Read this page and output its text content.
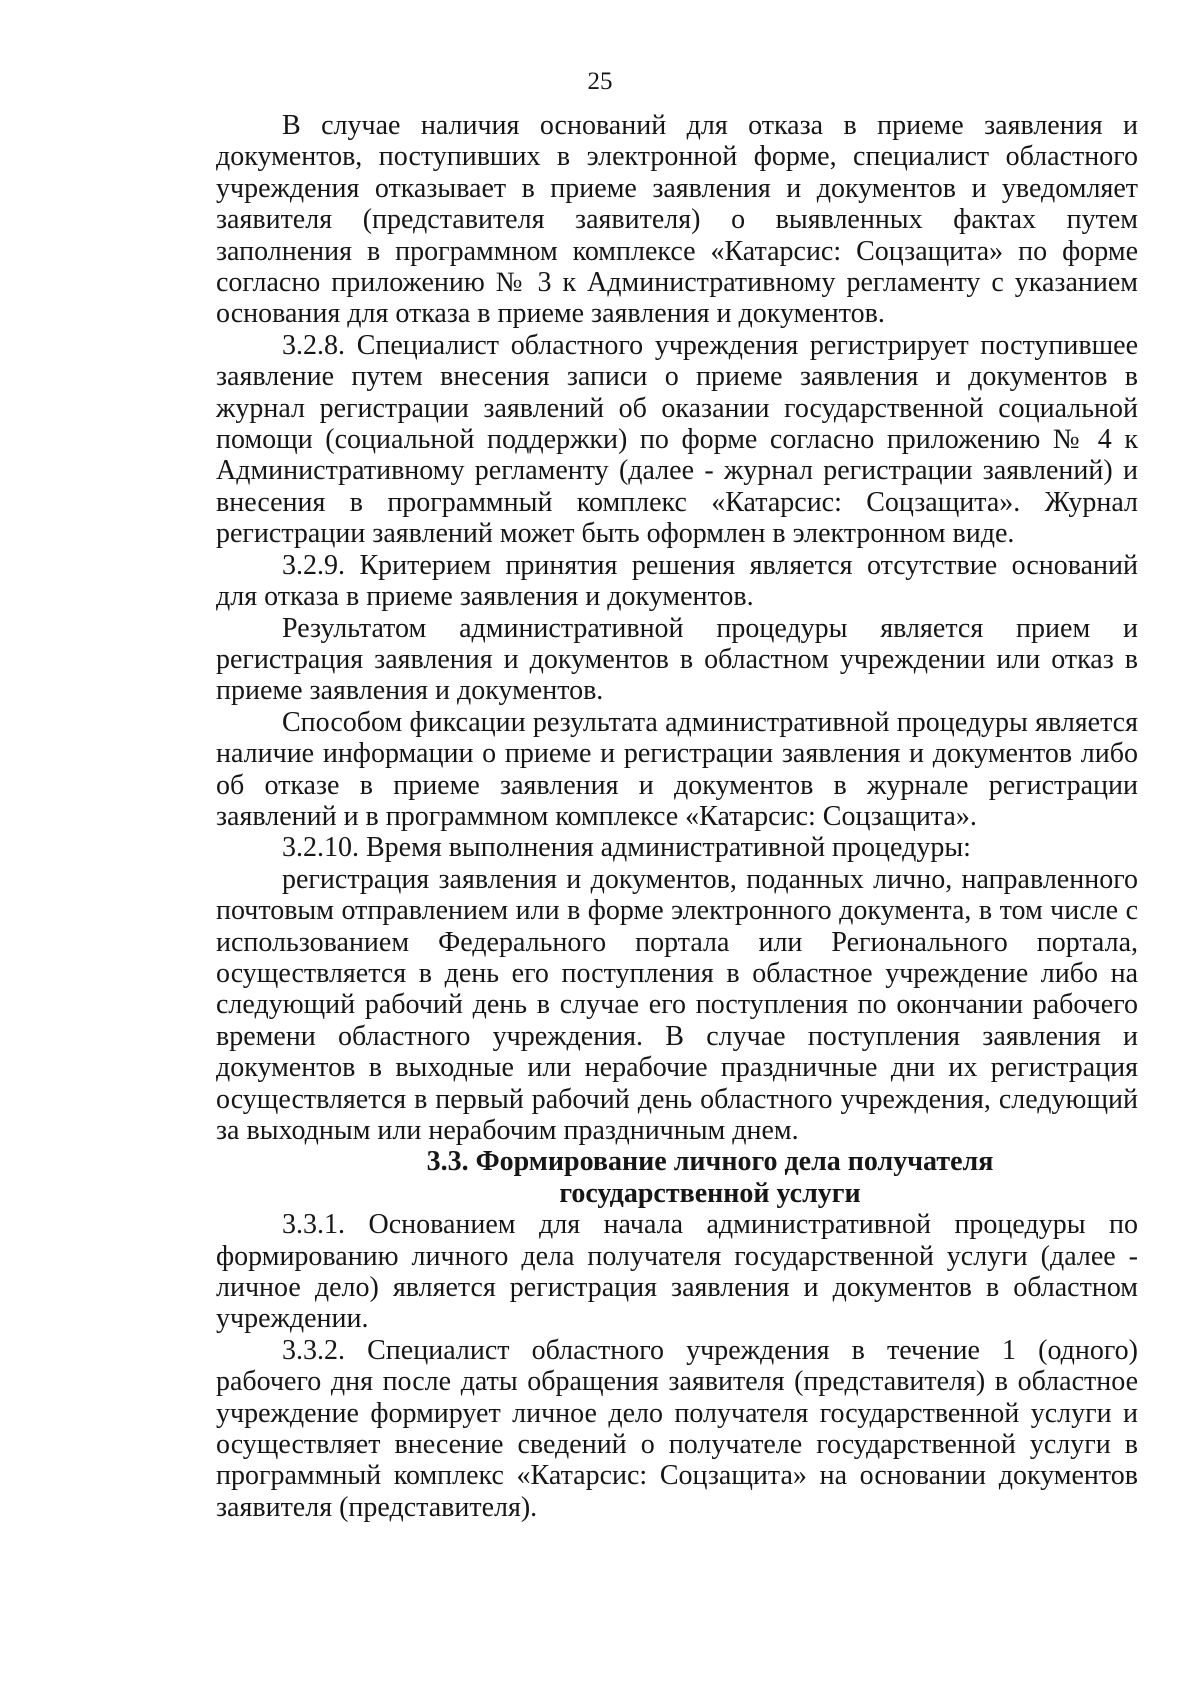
25

В случае наличия оснований для отказа в приеме заявления и документов, поступивших в электронной форме, специалист областного учреждения отказывает в приеме заявления и документов и уведомляет заявителя (представителя заявителя) о выявленных фактах путем заполнения в программном комплексе «Катарсис: Соцзащита» по форме согласно приложению № 3 к Административному регламенту с указанием основания для отказа в приеме заявления и документов.

3.2.8. Специалист областного учреждения регистрирует поступившее заявление путем внесения записи о приеме заявления и документов в журнал регистрации заявлений об оказании государственной социальной помощи (социальной поддержки) по форме согласно приложению № 4 к Административному регламенту (далее - журнал регистрации заявлений) и внесения в программный комплекс «Катарсис: Соцзащита». Журнал регистрации заявлений может быть оформлен в электронном виде.

3.2.9. Критерием принятия решения является отсутствие оснований для отказа в приеме заявления и документов.

Результатом административной процедуры является прием и регистрация заявления и документов в областном учреждении или отказ в приеме заявления и документов.

Способом фиксации результата административной процедуры является наличие информации о приеме и регистрации заявления и документов либо об отказе в приеме заявления и документов в журнале регистрации заявлений и в программном комплексе «Катарсис: Соцзащита».

3.2.10. Время выполнения административной процедуры:

регистрация заявления и документов, поданных лично, направленного почтовым отправлением или в форме электронного документа, в том числе с использованием Федерального портала или Регионального портала, осуществляется в день его поступления в областное учреждение либо на следующий рабочий день в случае его поступления по окончании рабочего времени областного учреждения. В случае поступления заявления и документов в выходные или нерабочие праздничные дни их регистрация осуществляется в первый рабочий день областного учреждения, следующий за выходным или нерабочим праздничным днем.

3.3. Формирование личного дела получателя
государственной услуги

3.3.1. Основанием для начала административной процедуры по формированию личного дела получателя государственной услуги (далее - личное дело) является регистрация заявления и документов в областном учреждении.

3.3.2. Специалист областного учреждения в течение 1 (одного) рабочего дня после даты обращения заявителя (представителя) в областное учреждение формирует личное дело получателя государственной услуги и осуществляет внесение сведений о получателе государственной услуги в программный комплекс «Катарсис: Соцзащита» на основании документов заявителя (представителя).
